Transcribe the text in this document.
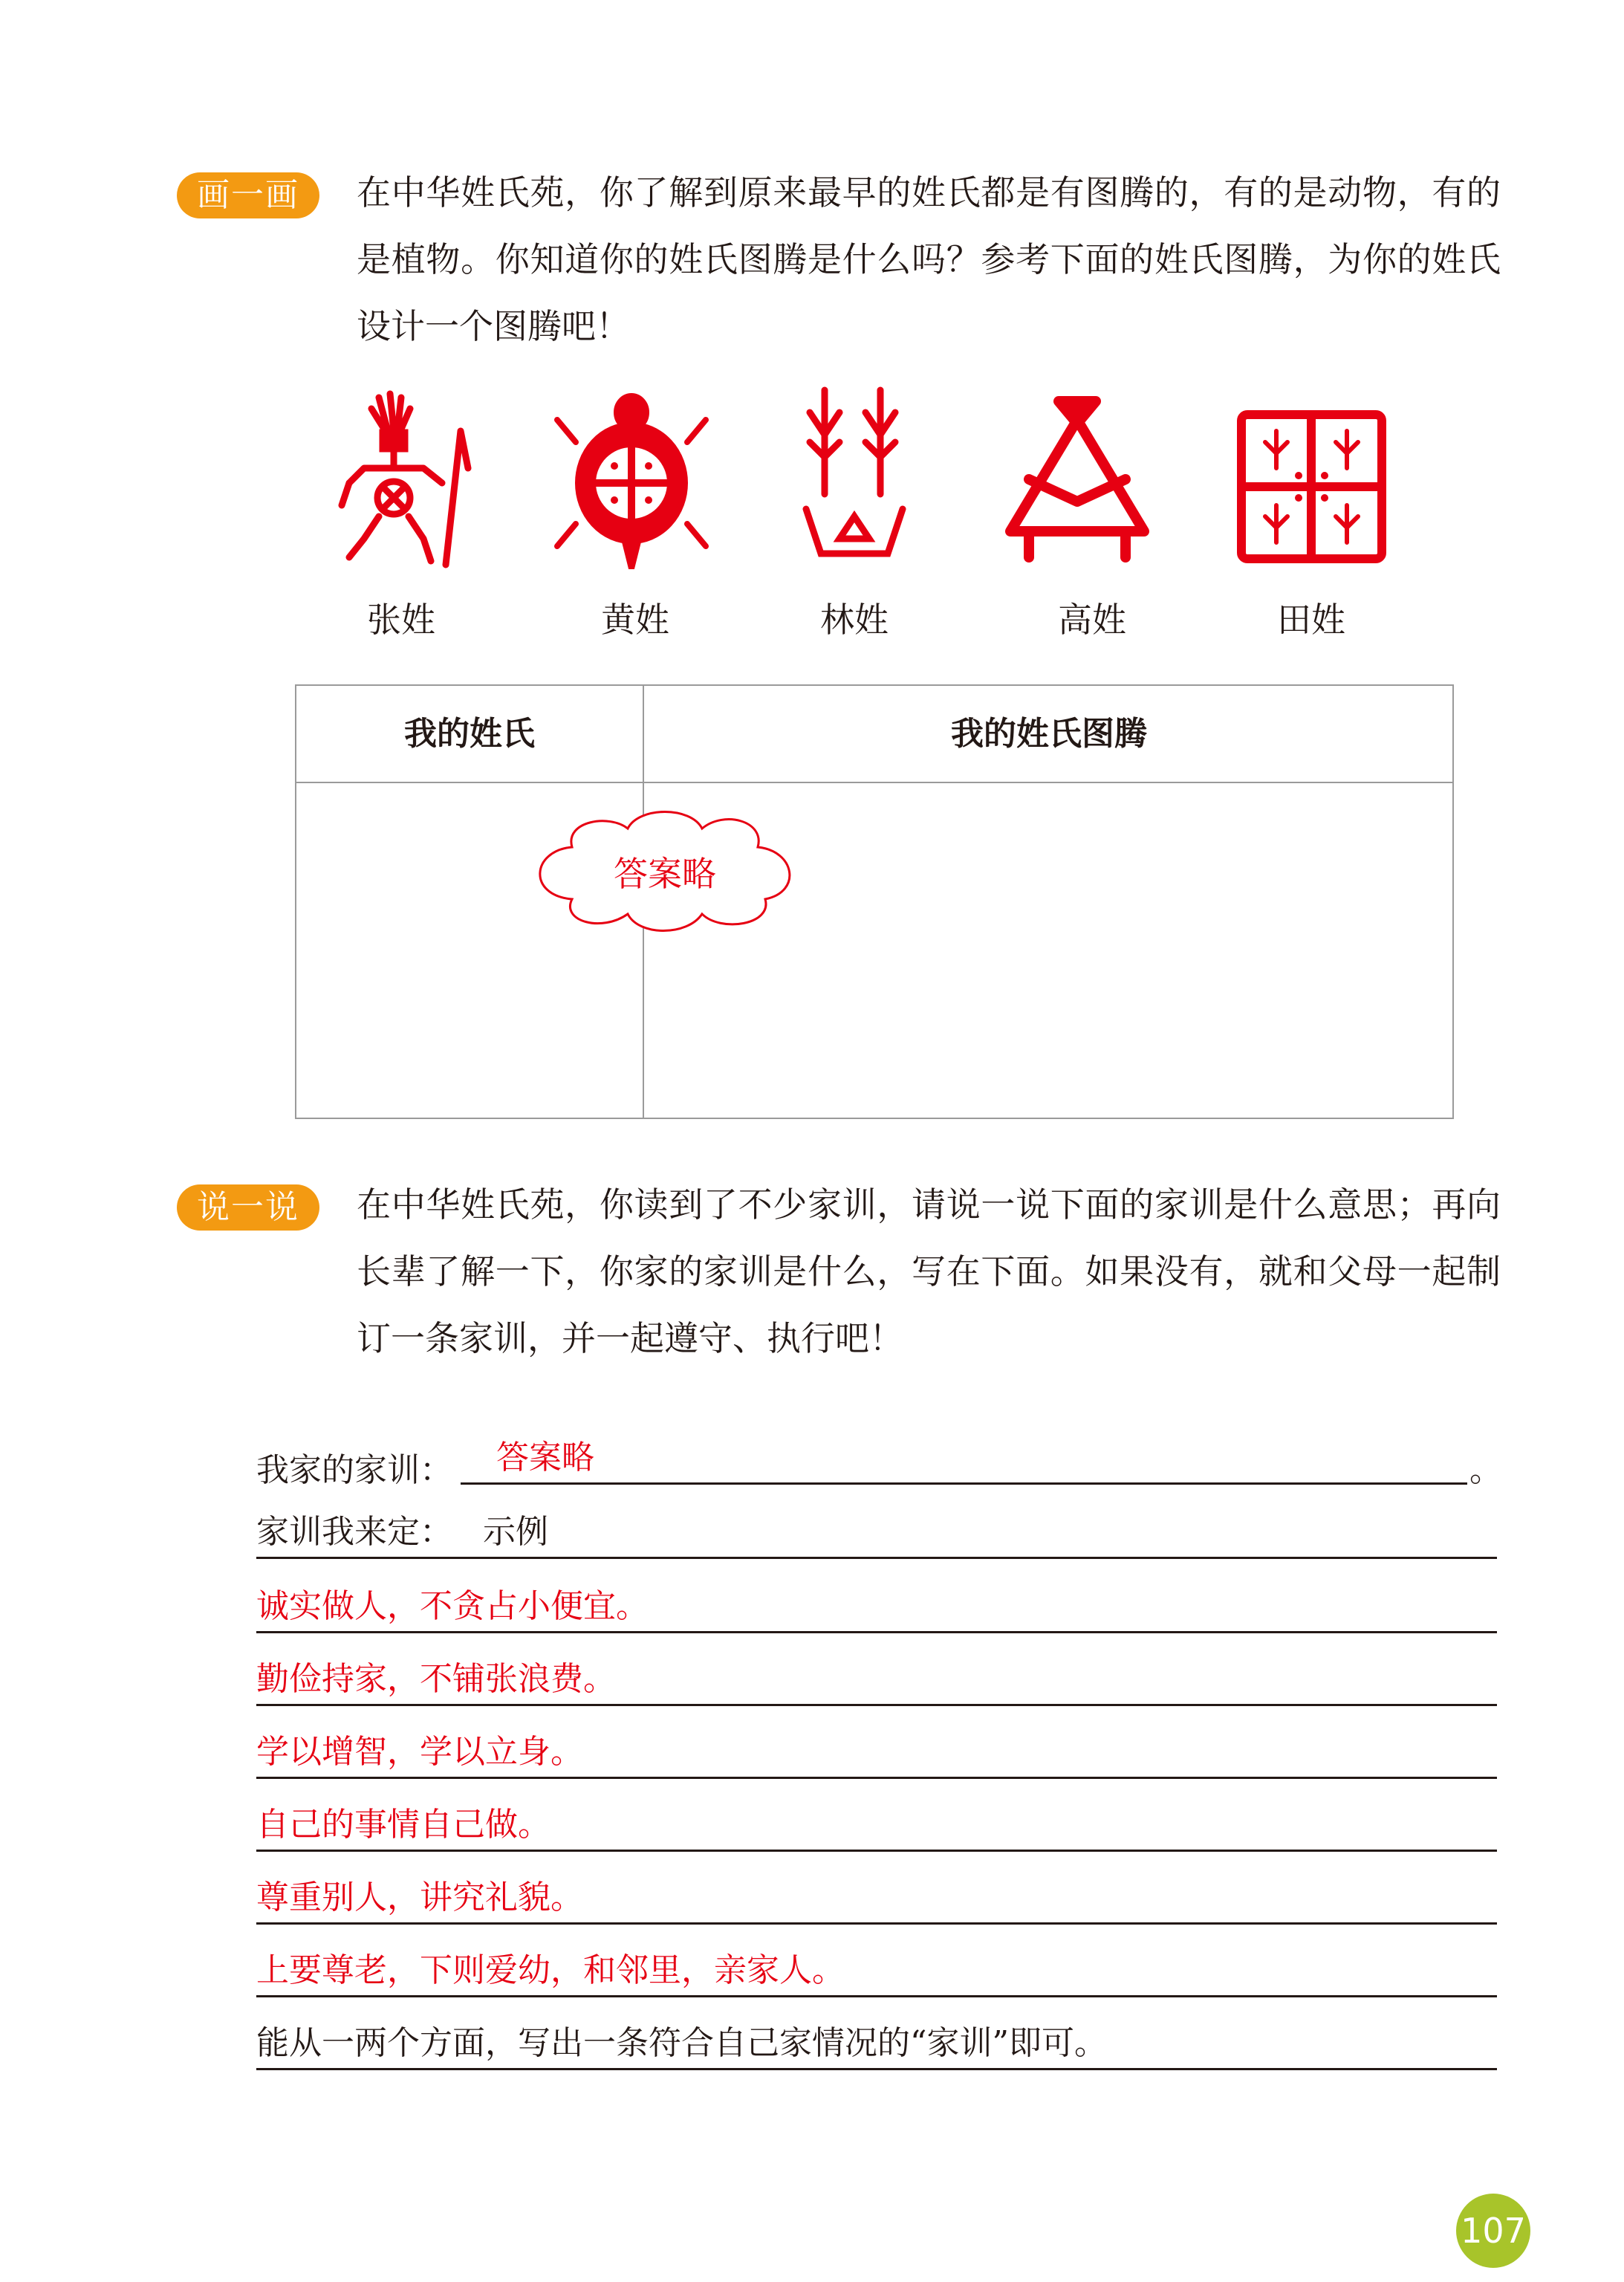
画一画	在中华姓氏苑，你了解到原来最早的姓氏都是有图腾的，有的是动物，有的是植物。你知道你的姓氏图腾是什么吗？参考下面的姓氏图腾，为你的姓氏设计一个图腾吧！
张姓	黄姓	林姓	高姓	田姓
我的姓氏	我的姓氏图腾
答案略
说一说	在中华姓氏苑，你读到了不少家训，请说一说下面的家训是什么意思；再向长辈了解一下，你家的家训是什么，写在下面。如果没有，就和父母一起制订一条家训，并一起遵守、执行吧！
我家的家训： 答案略	。
家训我来定： 示例
诚实做人，不贪占小便宜。
勤俭持家，不铺张浪费。
学以增智，学以立身。
自己的事情自己做。
尊重别人，讲究礼貌。
上要尊老，下则爱幼，和邻里，亲家人。
能从一两个方面，写出一条符合自己家情况的“家训”即可。
107
